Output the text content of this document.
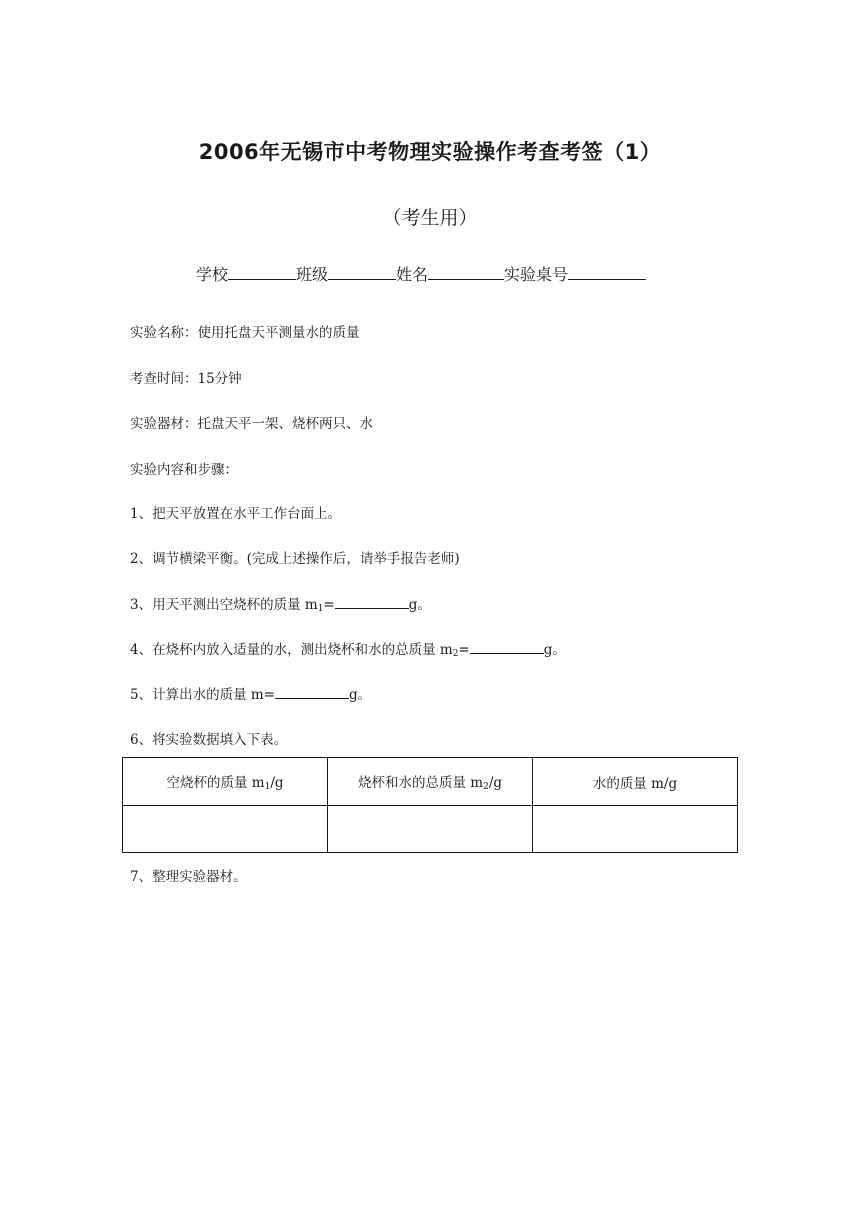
2006年无锡市中考物理实验操作考查考签（1）
（考生用）
学校	班级	姓名	实验桌号
实验名称：使用托盘天平测量水的质量
考查时间：15分钟
实验器材：托盘天平一架、烧杯两只、水
实验内容和步骤：
1、把天平放置在水平工作台面上。
2、调节横梁平衡。(完成上述操作后，请举手报告老师)
3、用天平测出空烧杯的质量 $m_1=$	g。
4、在烧杯内放入适量的水，测出烧杯和水的总质量 $m_2=$	g。
5、计算出水的质量 m=	g。
6、将实验数据填入下表。
空烧杯的质量 $m_1/g$	烧杯和水的总质量 $m_2/g$	水的质量 m/g

7、整理实验器材。
